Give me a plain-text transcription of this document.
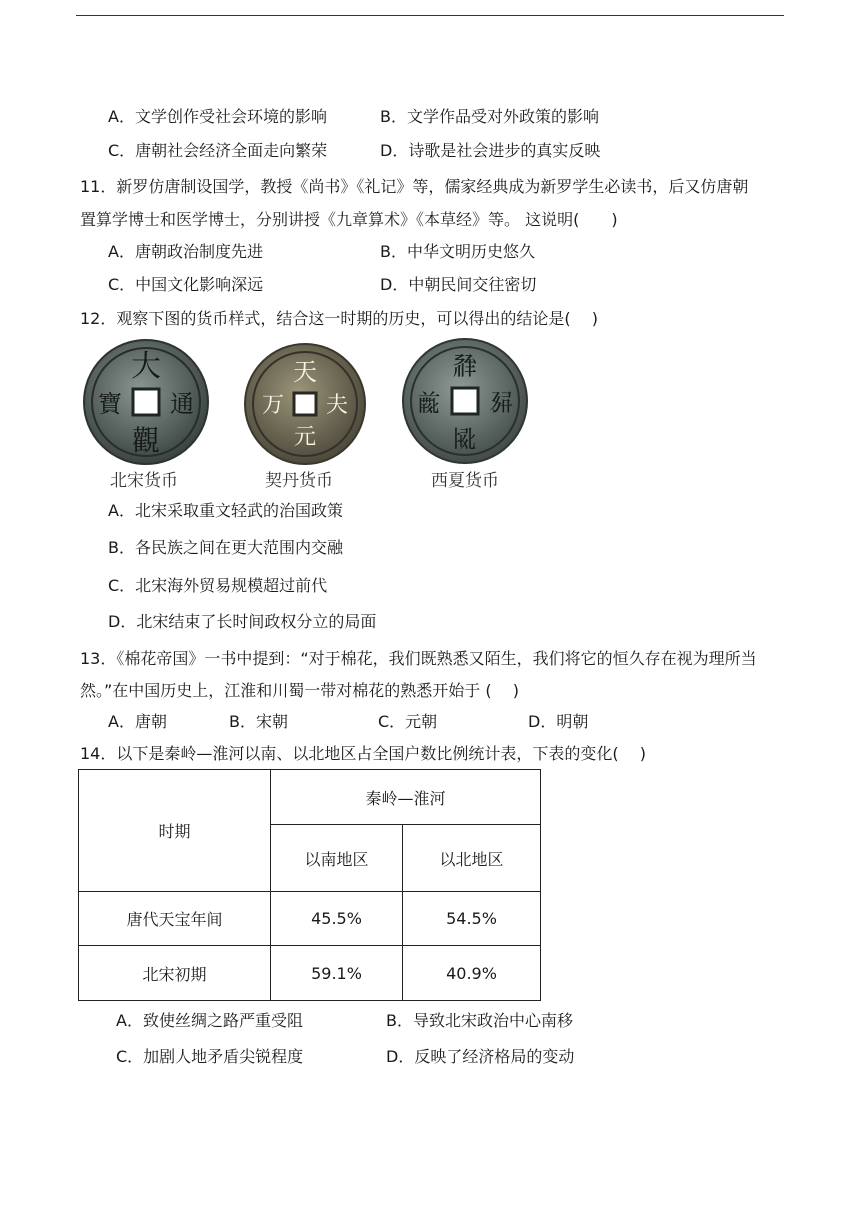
A．文学创作受社会环境的影响	B．文学作品受对外政策的影响
C．唐朝社会经济全面走向繁荣	D．诗歌是社会进步的真实反映
11．新罗仿唐制设国学，教授《尚书》《礼记》等，儒家经典成为新罗学生必读书，后又仿唐朝
置算学博士和医学博士，分别讲授《九章算术》《本草经》等。 这说明(　　)
A．唐朝政治制度先进	B．中华文明历史悠久
C．中国文化影响深远	D．中朝民间交往密切
12．观察下图的货币样式，结合这一时期的历史，可以得出的结论是(　 )
大
通
觀
寶
北宋货币
天
夫
元
万
契丹货币
𗴂
𗉘
𗎫
𗔔
西夏货币
A．北宋采取重文轻武的治国政策
B．各民族之间在更大范围内交融
C．北宋海外贸易规模超过前代
D．北宋结束了长时间政权分立的局面
13．《棉花帝国》一书中提到：“对于棉花，我们既熟悉又陌生，我们将它的恒久存在视为理所当
然。”在中国历史上，江淮和川蜀一带对棉花的熟悉开始于 (　 )
A．唐朝	B．宋朝	C．元朝	D．明朝
14．以下是秦岭—淮河以南、以北地区占全国户数比例统计表，下表的变化(　 )
时期	秦岭—淮河	
	以南地区	以北地区
唐代天宝年间	45.5%	54.5%
北宋初期	59.1%	40.9%
A．致使丝绸之路严重受阻	B．导致北宋政治中心南移
C．加剧人地矛盾尖锐程度	D．反映了经济格局的变动
